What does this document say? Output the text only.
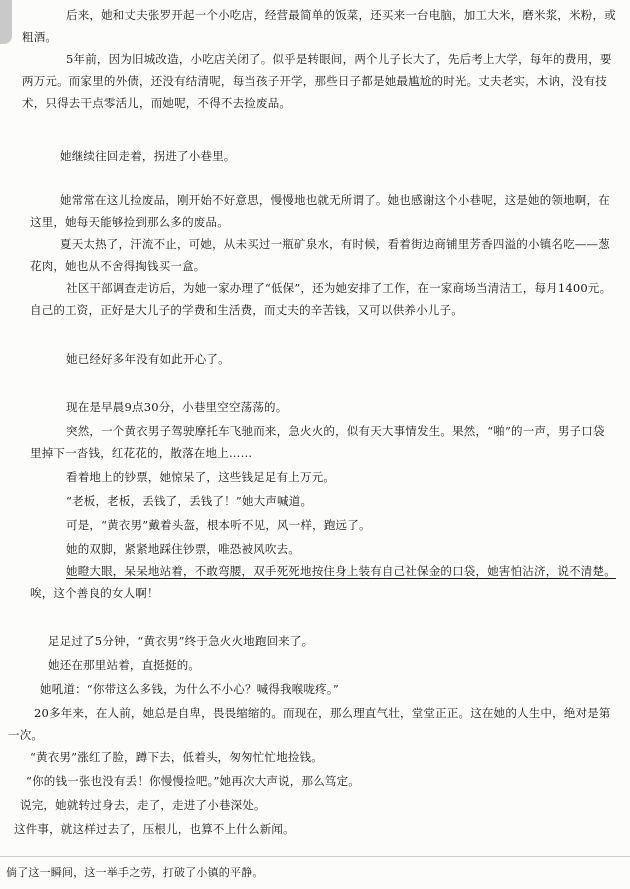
后来，她和丈夫张罗开起一个小吃店，经营最简单的饭菜，还买来一台电脑，加工大米，磨米浆，米粉，或粗酒。

5年前，因为旧城改造，小吃店关闭了。似乎是转眼间，两个儿子长大了，先后考上大学，每年的费用，要两万元。而家里的外债，还没有结清呢，每当孩子开学，那些日子都是她最尴尬的时光。丈夫老实，木讷，没有技术，只得去干点零活儿，而她呢，不得不去捡废品。

她继续往回走着，拐进了小巷里。

她常常在这儿捡废品，刚开始不好意思，慢慢地也就无所谓了。她也感谢这个小巷呢，这是她的领地啊，在这里，她每天能够捡到那么多的废品。

夏天太热了，汗流不止，可她，从未买过一瓶矿泉水，有时候，看着街边商铺里芳香四溢的小镇名吃——葱花肉，她也从不舍得掏钱买一盒。

社区干部调查走访后，为她一家办理了“低保”，还为她安排了工作，在一家商场当清洁工，每月1400元。自己的工资，正好是大儿子的学费和生活费，而丈夫的辛苦钱，又可以供养小儿子。

她已经好多年没有如此开心了。

现在是早晨9点30分，小巷里空空荡荡的。

突然，一个黄衣男子驾驶摩托车飞驰而来，急火火的，似有天大事情发生。果然，“啪”的一声，男子口袋里掉下一沓钱，红花花的，散落在地上……

看着地上的钞票，她惊呆了，这些钱足足有上万元。

“老板，老板，丢钱了，丢钱了！”她大声喊道。

可是，“黄衣男”戴着头盔，根本听不见，风一样，跑远了。

她的双脚，紧紧地踩住钞票，唯恐被风吹去。

她瞪大眼，呆呆地站着，不敢弯腰，双手死死地按住身上装有自己社保金的口袋，她害怕沾济，说不清楚。唉，这个善良的女人啊！

足足过了5分钟，“黄衣男”终于急火火地跑回来了。

她还在那里站着，直挺挺的。

她吼道：“你带这么多钱，为什么不小心？喊得我喉咙疼。”

20多年来，在人前，她总是自卑，畏畏缩缩的。而现在，那么理直气壮，堂堂正正。这在她的人生中，绝对是第一次。

“黄衣男”涨红了脸，蹲下去，低着头，匆匆忙忙地捡钱。

“你的钱一张也没有丢！你慢慢捡吧。”她再次大声说，那么笃定。

说完，她就转过身去，走了，走进了小巷深处。

这件事，就这样过去了，压根儿，也算不上什么新闻。

倘了这一瞬间，这一举手之劳，打破了小镇的平静。
